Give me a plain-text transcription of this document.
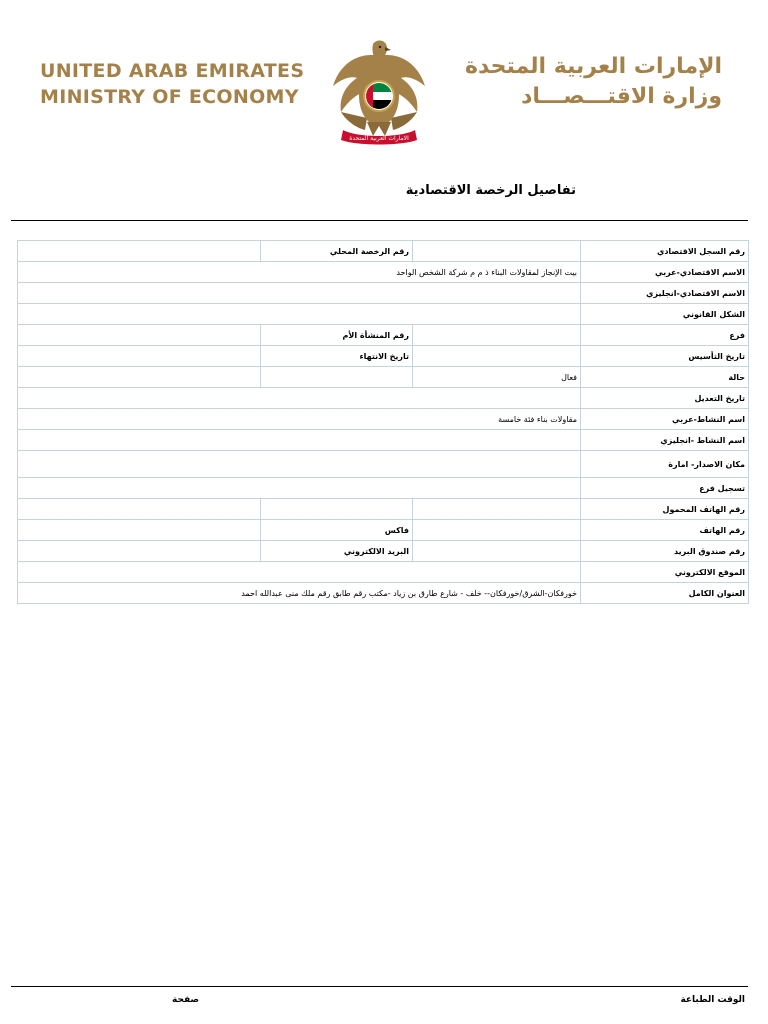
UNITED ARAB EMIRATES
MINISTRY OF ECONOMY
الامارات العربية المتحدة
الإمارات العربية المتحدة
وزارة الاقتـــصـــاد
تفاصيل الرخصة الاقتصادية
رقم السجل الاقتصادي		رقم الرخصة المحلي	
الاسم الاقتصادي-عربي	بيت الإنجاز لمقاولات البناء ذ م م شركة الشخص الواحد		
الاسم الاقتصادي-انجليزي			
الشكل القانوني			
فرع		رقم المنشأة الأم	
تاريخ التأسيس		تاريخ الانتهاء	
حالة	فعال		
تاريخ التعديل			
اسم النشاط-عربي	مقاولات بناء فئة خامسة		
اسم النشاط -انجليزي			
مكان الاصدار- امارة			
تسجيل فرع			
رقم الهاتف المحمول			
رقم الهاتف		فاكس	
رقم صندوق البريد		البريد الالكتروني	
الموقع الالكتروني			
العنوان الكامل	خورفكان-الشرق/خورفكان-- خلف - شارع طارق بن زياد -مكتب رقم طابق رقم ملك منى عبدالله احمد		
الوقت الطباعة
صفحة
